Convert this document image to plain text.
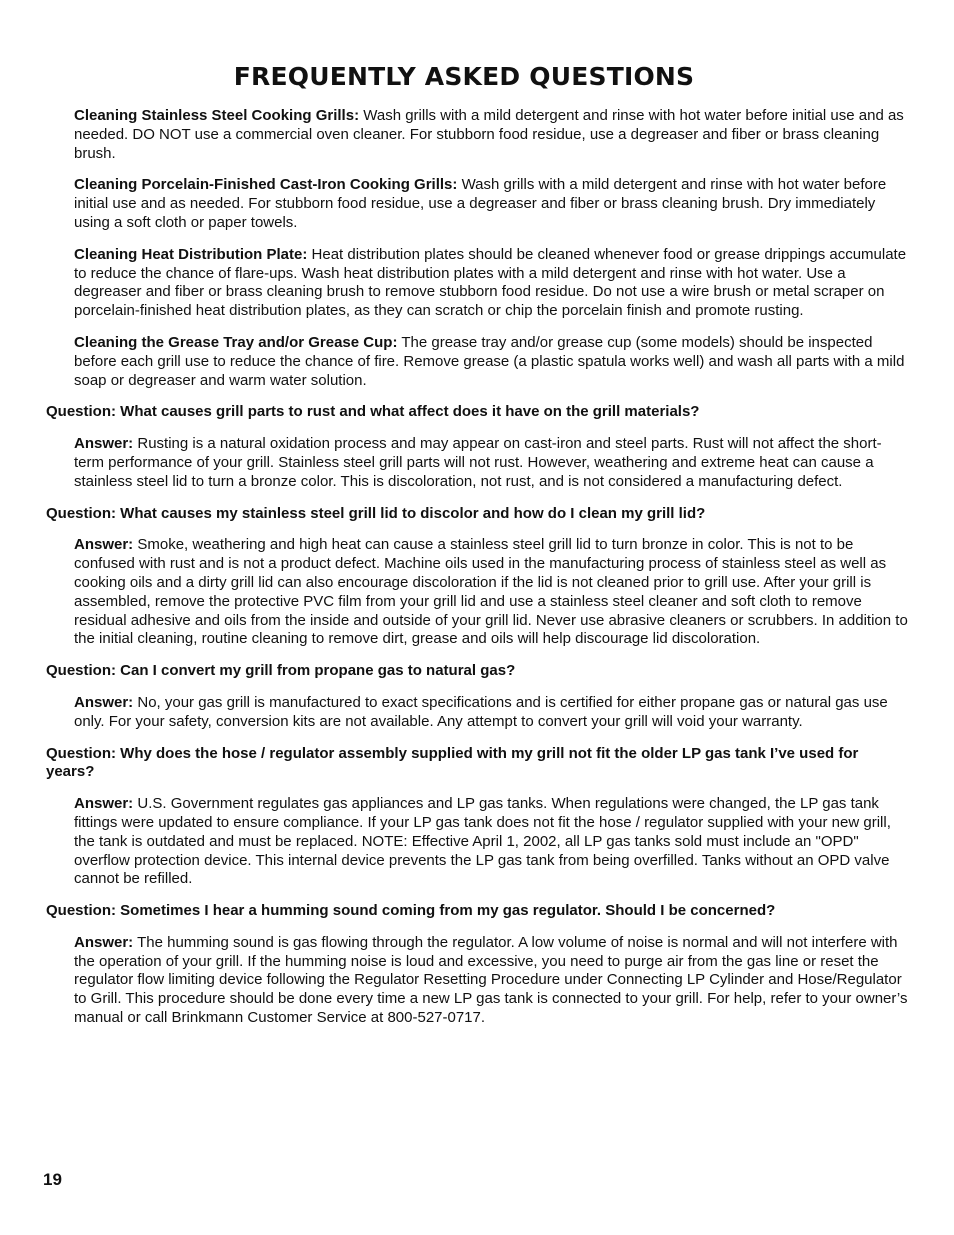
FREQUENTLY ASKED QUESTIONS

Cleaning Stainless Steel Cooking Grills: Wash grills with a mild detergent and rinse with hot water before initial use and as needed. DO NOT use a commercial oven cleaner. For stubborn food residue, use a degreaser and fiber or brass cleaning brush.

Cleaning Porcelain-Finished Cast-Iron Cooking Grills: Wash grills with a mild detergent and rinse with hot water before initial use and as needed. For stubborn food residue, use a degreaser and fiber or brass cleaning brush. Dry immediately using a soft cloth or paper towels.

Cleaning Heat Distribution Plate: Heat distribution plates should be cleaned whenever food or grease drippings accumulate to reduce the chance of flare-ups. Wash heat distribution plates with a mild detergent and rinse with hot water. Use a degreaser and fiber or brass cleaning brush to remove stubborn food residue. Do not use a wire brush or metal scraper on porcelain-finished heat distribution plates, as they can scratch or chip the porcelain finish and promote rusting.

Cleaning the Grease Tray and/or Grease Cup: The grease tray and/or grease cup (some models) should be inspected before each grill use to reduce the chance of fire. Remove grease (a plastic spatula works well) and wash all parts with a mild soap or degreaser and warm water solution.

Question: What causes grill parts to rust and what affect does it have on the grill materials?

Answer: Rusting is a natural oxidation process and may appear on cast-iron and steel parts. Rust will not affect the short-term performance of your grill. Stainless steel grill parts will not rust. However, weathering and extreme heat can cause a stainless steel lid to turn a bronze color. This is discoloration, not rust, and is not considered a manufacturing defect.

Question: What causes my stainless steel grill lid to discolor and how do I clean my grill lid?

Answer: Smoke, weathering and high heat can cause a stainless steel grill lid to turn bronze in color. This is not to be confused with rust and is not a product defect. Machine oils used in the manufacturing process of stainless steel as well as cooking oils and a dirty grill lid can also encourage discoloration if the lid is not cleaned prior to grill use. After your grill is assembled, remove the protective PVC film from your grill lid and use a stainless steel cleaner and soft cloth to remove residual adhesive and oils from the inside and outside of your grill lid. Never use abrasive cleaners or scrubbers. In addition to the initial cleaning, routine cleaning to remove dirt, grease and oils will help discourage lid discoloration.

Question: Can I convert my grill from propane gas to natural gas?

Answer: No, your gas grill is manufactured to exact specifications and is certified for either propane gas or natural gas use only. For your safety, conversion kits are not available. Any attempt to convert your grill will void your warranty.

Question: Why does the hose / regulator assembly supplied with my grill not fit the older LP gas tank I’ve used for years?

Answer: U.S. Government regulates gas appliances and LP gas tanks. When regulations were changed, the LP gas tank fittings were updated to ensure compliance. If your LP gas tank does not fit the hose / regulator supplied with your new grill, the tank is outdated and must be replaced. NOTE: Effective April 1, 2002, all LP gas tanks sold must include an "OPD" overflow protection device. This internal device prevents the LP gas tank from being overfilled. Tanks without an OPD valve cannot be refilled.

Question: Sometimes I hear a humming sound coming from my gas regulator. Should I be concerned?

Answer: The humming sound is gas flowing through the regulator. A low volume of noise is normal and will not interfere with the operation of your grill. If the humming noise is loud and excessive, you need to purge air from the gas line or reset the regulator flow limiting device following the Regulator Resetting Procedure under Connecting LP Cylinder and Hose/Regulator to Grill. This procedure should be done every time a new LP gas tank is connected to your grill. For help, refer to your owner’s manual or call Brinkmann Customer Service at 800-527-0717.

19
